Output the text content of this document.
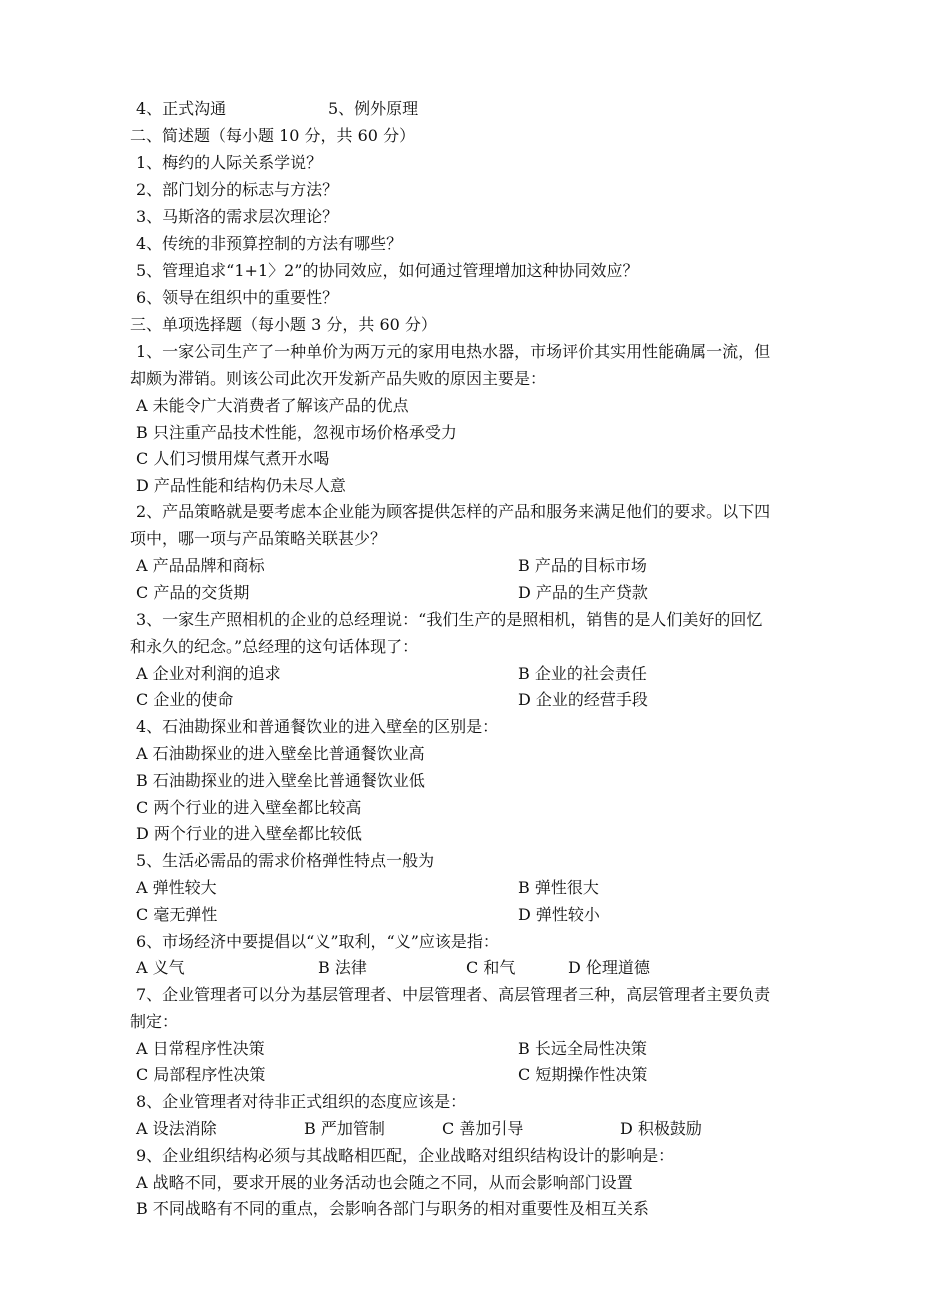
4、正式沟通	5、例外原理
二、简述题（每小题 10 分，共 60 分）
1、梅约的人际关系学说？
2、部门划分的标志与方法？
3、马斯洛的需求层次理论？
4、传统的非预算控制的方法有哪些？
5、管理追求“1+1〉2”的协同效应，如何通过管理增加这种协同效应？
6、领导在组织中的重要性？
三、单项选择题（每小题 3 分，共 60 分）
1、一家公司生产了一种单价为两万元的家用电热水器，市场评价其实用性能确属一流，但
却颇为滞销。则该公司此次开发新产品失败的原因主要是：
A 未能令广大消费者了解该产品的优点
B 只注重产品技术性能，忽视市场价格承受力
C 人们习惯用煤气煮开水喝
D 产品性能和结构仍未尽人意
2、产品策略就是要考虑本企业能为顾客提供怎样的产品和服务来满足他们的要求。以下四
项中，哪一项与产品策略关联甚少？
A 产品品牌和商标	B 产品的目标市场
C 产品的交货期	D 产品的生产贷款
3、一家生产照相机的企业的总经理说：“我们生产的是照相机，销售的是人们美好的回忆
和永久的纪念。”总经理的这句话体现了：
A 企业对利润的追求	B 企业的社会责任
C 企业的使命	D 企业的经营手段
4、石油勘探业和普通餐饮业的进入壁垒的区别是：
A 石油勘探业的进入壁垒比普通餐饮业高
B 石油勘探业的进入壁垒比普通餐饮业低
C 两个行业的进入壁垒都比较高
D 两个行业的进入壁垒都比较低
5、生活必需品的需求价格弹性特点一般为
A 弹性较大	B 弹性很大
C 毫无弹性	D 弹性较小
6、市场经济中要提倡以“义”取利，“义”应该是指：
A 义气	B 法律	C 和气	D 伦理道德
7、企业管理者可以分为基层管理者、中层管理者、高层管理者三种，高层管理者主要负责
制定：
A 日常程序性决策	B 长远全局性决策
C 局部程序性决策	C 短期操作性决策
8、企业管理者对待非正式组织的态度应该是：
A 设法消除	B 严加管制	C 善加引导	D 积极鼓励
9、企业组织结构必须与其战略相匹配，企业战略对组织结构设计的影响是：
A 战略不同，要求开展的业务活动也会随之不同，从而会影响部门设置
B 不同战略有不同的重点，会影响各部门与职务的相对重要性及相互关系
